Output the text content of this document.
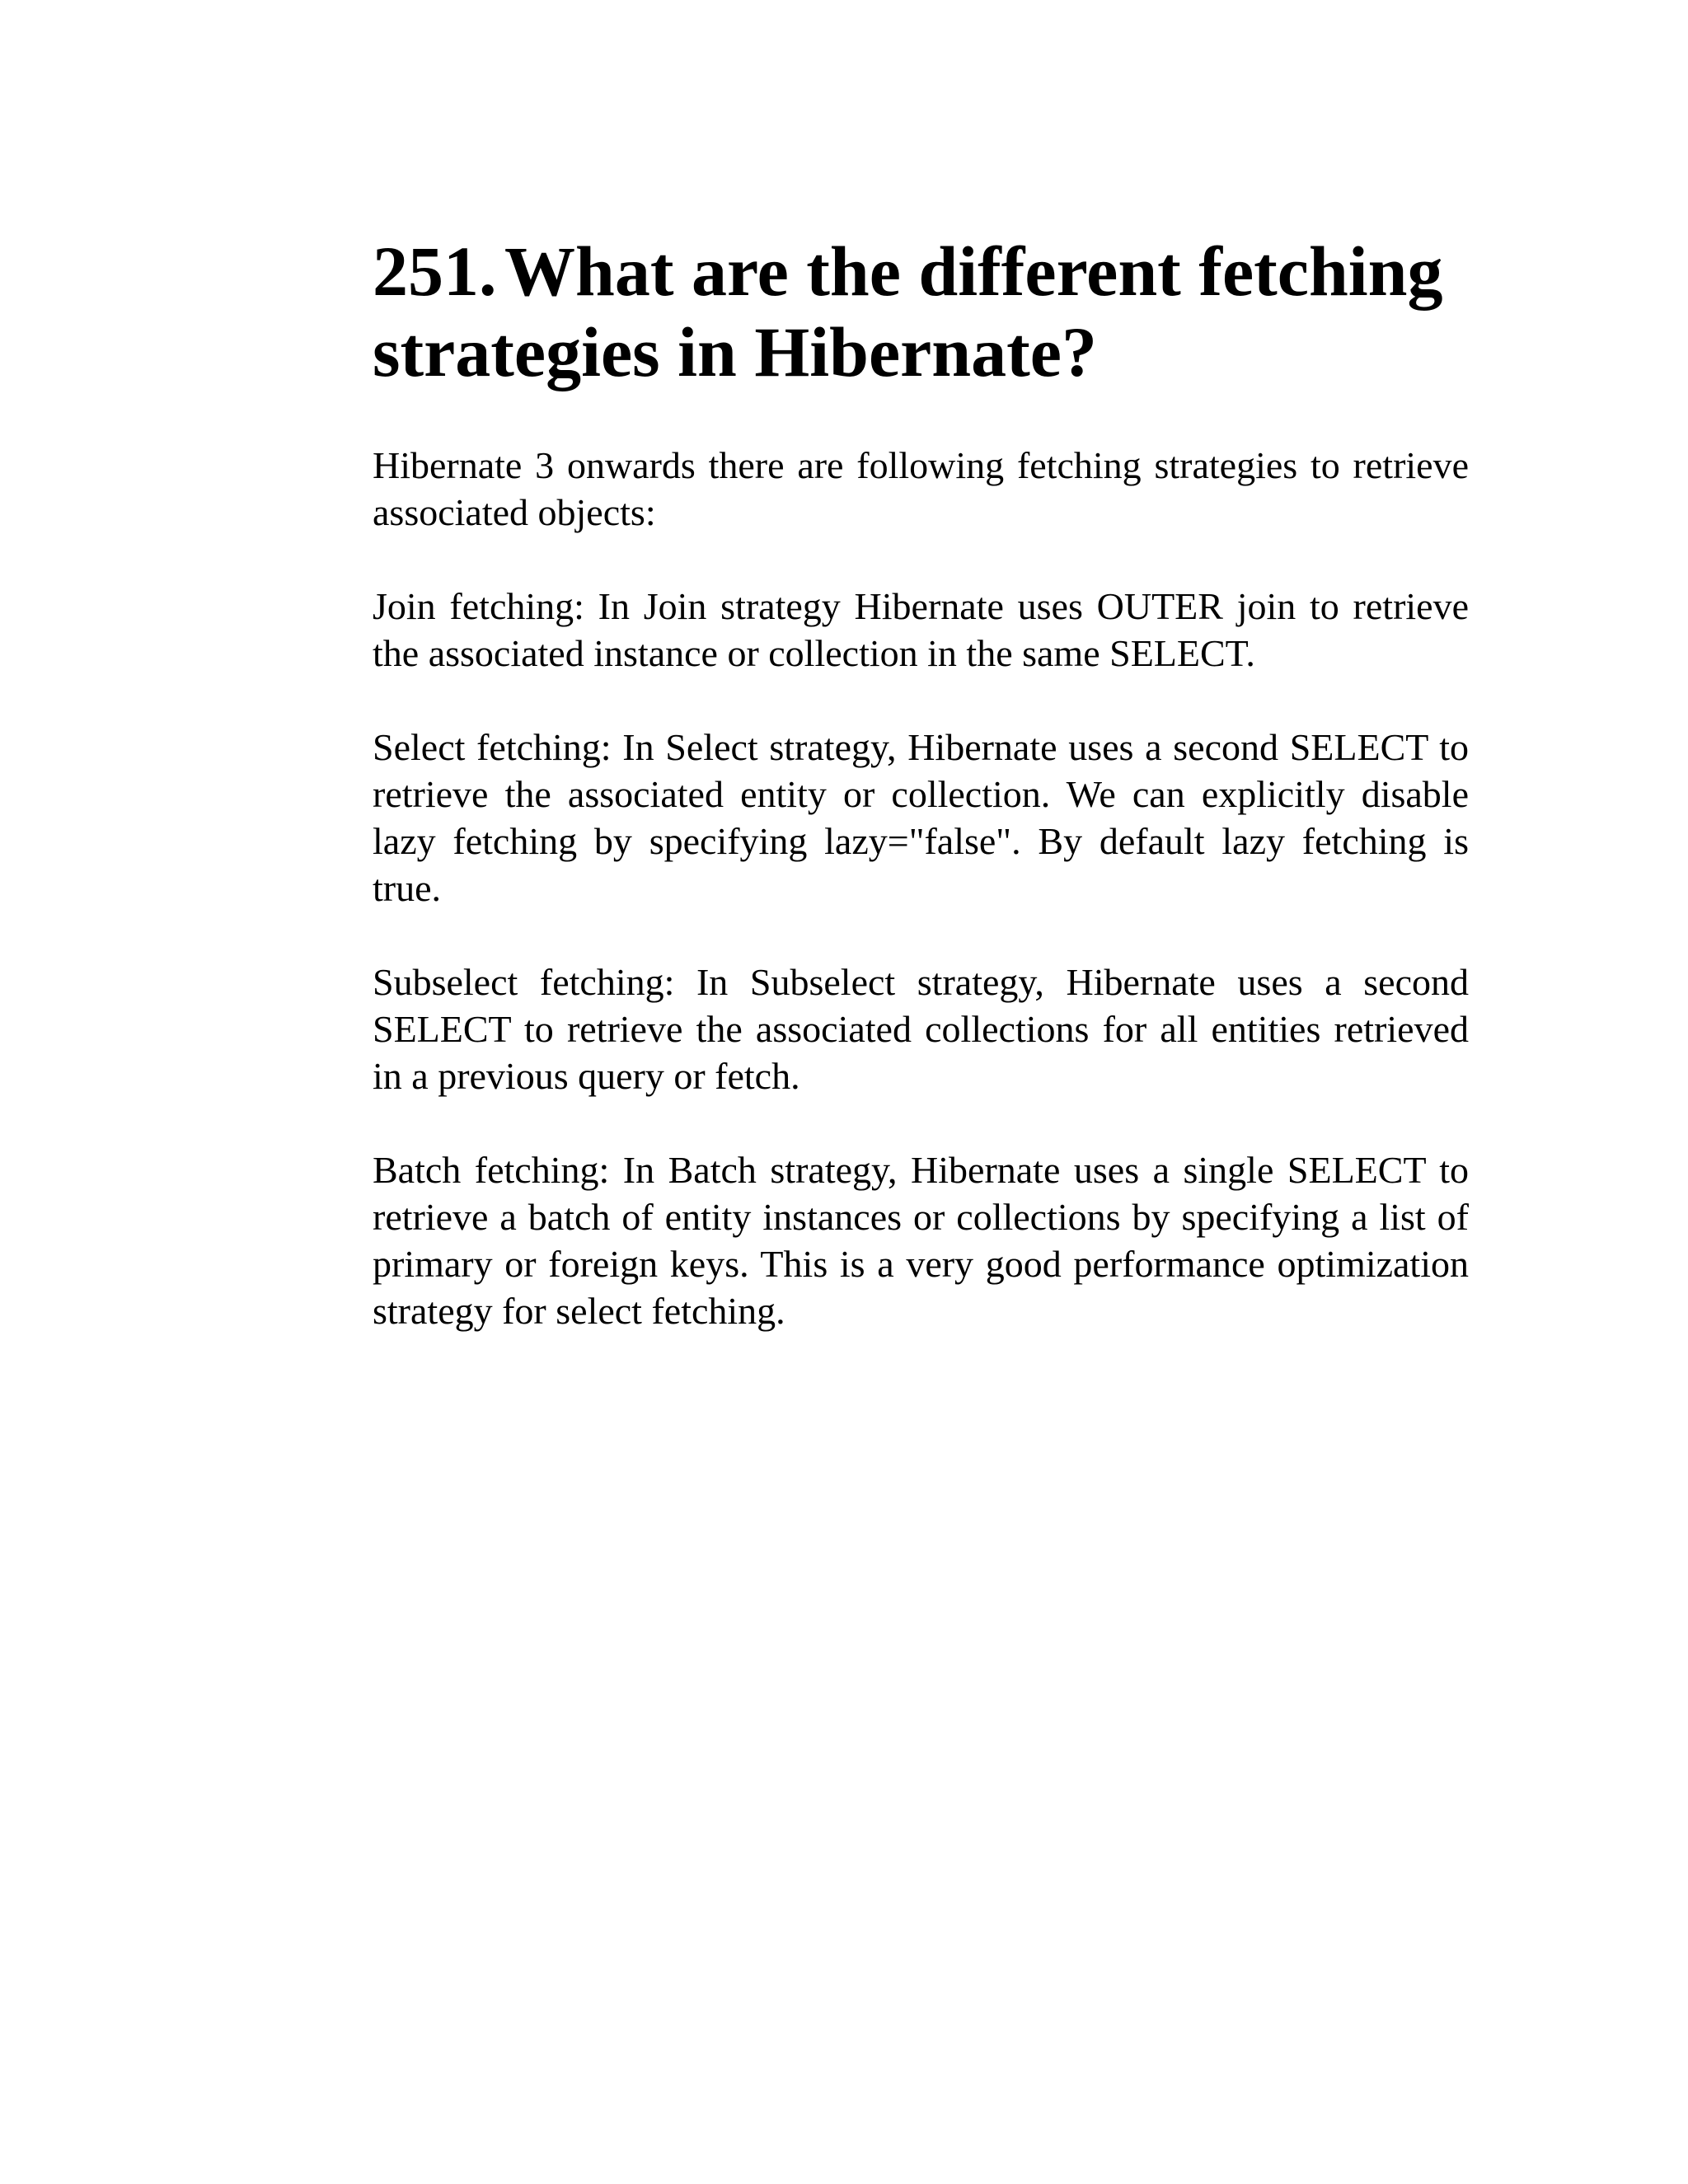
251. What are the different fetching strategies in Hibernate?

Hibernate 3 onwards there are following fetching strategies to retrieve associated objects:

Join fetching: In Join strategy Hibernate uses OUTER join to retrieve the associated instance or collection in the same SELECT.

Select fetching: In Select strategy, Hibernate uses a second SELECT to retrieve the associated entity or collection. We can explicitly disable lazy fetching by specifying lazy="false". By default lazy fetching is true.

Subselect fetching: In Subselect strategy, Hibernate uses a second SELECT to retrieve the associated collections for all entities retrieved in a previous query or fetch.

Batch fetching: In Batch strategy, Hibernate uses a single SELECT to retrieve a batch of entity instances or collections by specifying a list of primary or foreign keys. This is a very good performance optimization strategy for select fetching.
